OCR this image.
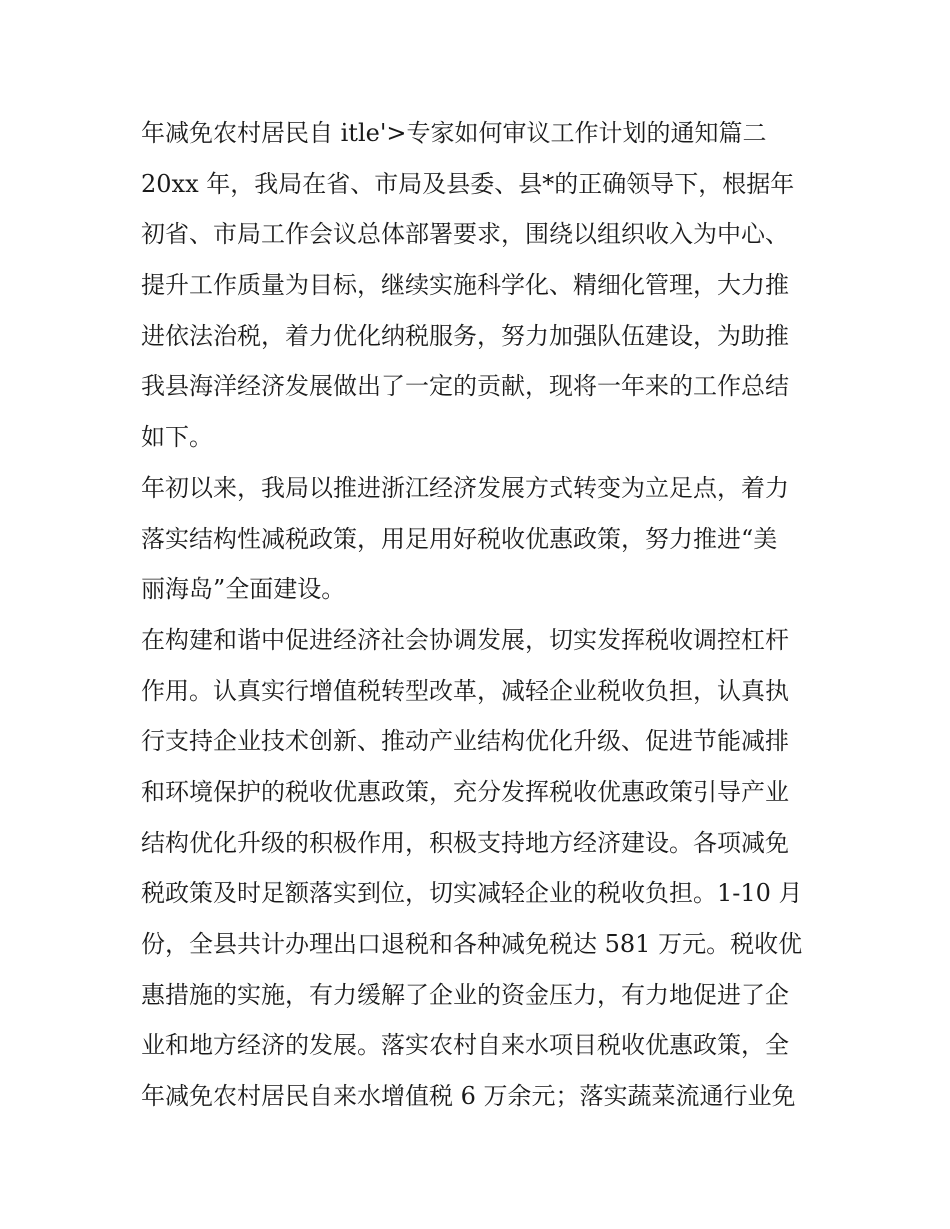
年减免农村居民自 itle'>专家如何审议工作计划的通知篇二
20xx 年，我局在省、市局及县委、县*的正确领导下，根据年
初省、市局工作会议总体部署要求，围绕以组织收入为中心、
提升工作质量为目标，继续实施科学化、精细化管理，大力推
进依法治税，着力优化纳税服务，努力加强队伍建设，为助推
我县海洋经济发展做出了一定的贡献，现将一年来的工作总结
如下。
年初以来，我局以推进浙江经济发展方式转变为立足点，着力
落实结构性减税政策，用足用好税收优惠政策，努力推进“美
丽海岛”全面建设。
在构建和谐中促进经济社会协调发展，切实发挥税收调控杠杆
作用。认真实行增值税转型改革，减轻企业税收负担，认真执
行支持企业技术创新、推动产业结构优化升级、促进节能减排
和环境保护的税收优惠政策，充分发挥税收优惠政策引导产业
结构优化升级的积极作用，积极支持地方经济建设。各项减免
税政策及时足额落实到位，切实减轻企业的税收负担。1-10 月
份，全县共计办理出口退税和各种减免税达 581 万元。税收优
惠措施的实施，有力缓解了企业的资金压力，有力地促进了企
业和地方经济的发展。落实农村自来水项目税收优惠政策，全
年减免农村居民自来水增值税 6 万余元；落实蔬菜流通行业免
